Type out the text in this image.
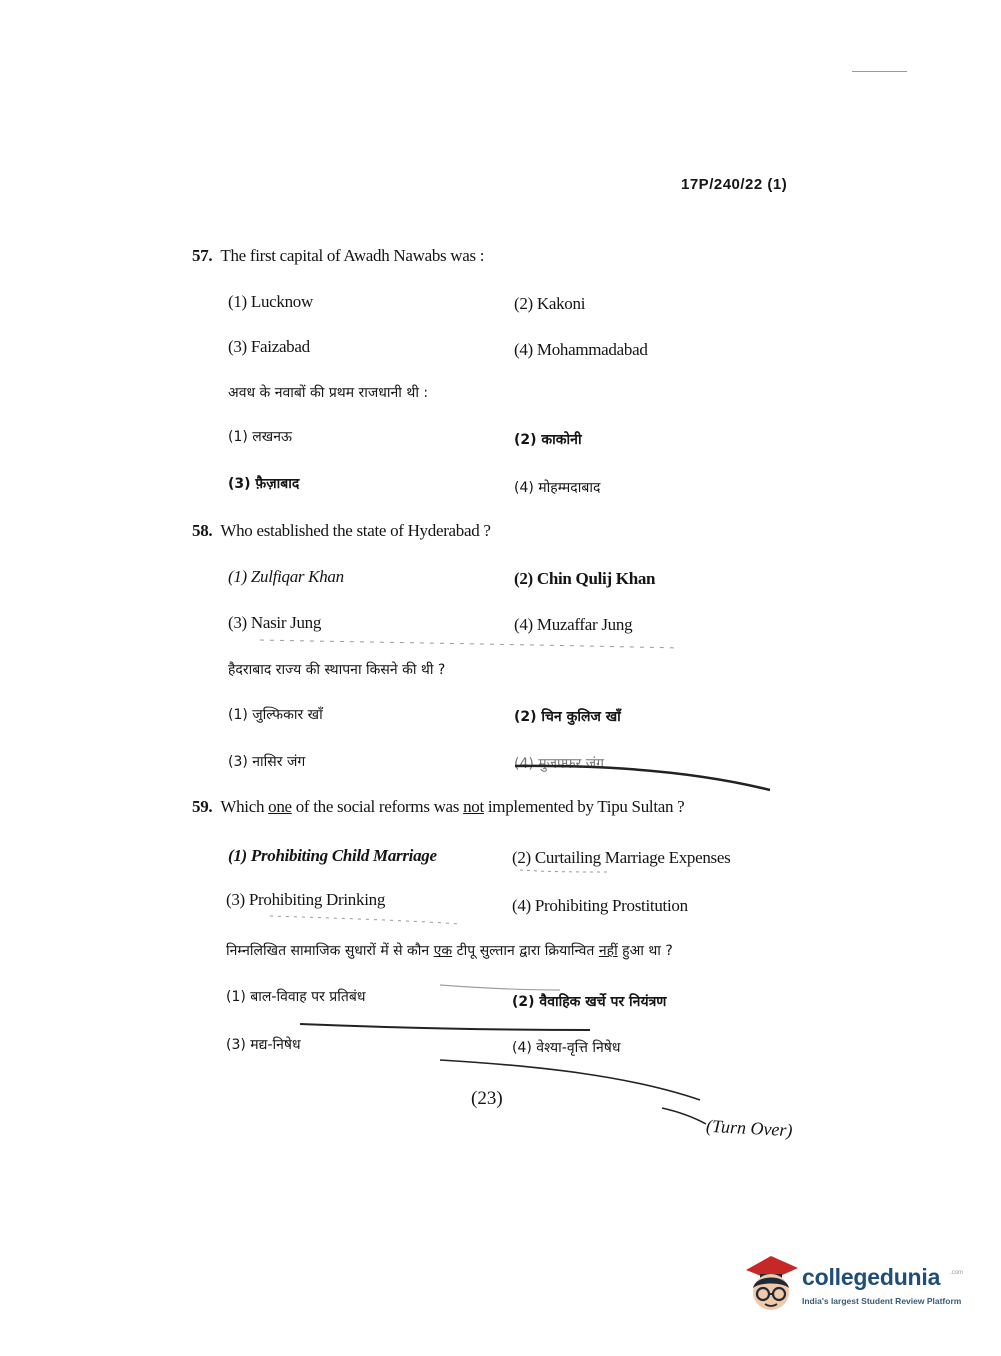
17P/240/22 (1)
57. The first capital of Awadh Nawabs was :
(1) Lucknow	(2) Kakoni
(3) Faizabad	(4) Mohammadabad
अवध के नवाबों की प्रथम राजधानी थी :
(1) लखनऊ	(2) काकोनी
(3) फ़ैज़ाबाद	(4) मोहम्मदाबाद
58. Who established the state of Hyderabad ?
(1) Zulfiqar Khan	(2) Chin Qulij Khan
(3) Nasir Jung	(4) Muzaffar Jung
हैदराबाद राज्य की स्थापना किसने की थी ?
(1) जुल्फिकार खाँ	(2) चिन कुलिज खाँ
(3) नासिर जंग	(4) मुजफ्फर जंग
59. Which one of the social reforms was not implemented by Tipu Sultan ?
(1) Prohibiting Child Marriage	(2) Curtailing Marriage Expenses
(3) Prohibiting Drinking	(4) Prohibiting Prostitution
निम्नलिखित सामाजिक सुधारों में से कौन एक टीपू सुल्तान द्वारा क्रियान्वित नहीं हुआ था ?
(1) बाल-विवाह पर प्रतिबंध	(2) वैवाहिक खर्चे पर नियंत्रण
(3) मद्य-निषेध	(4) वेश्या-वृत्ति निषेध
(23)
(Turn Over)
collegedunia .com
India's largest Student Review Platform
